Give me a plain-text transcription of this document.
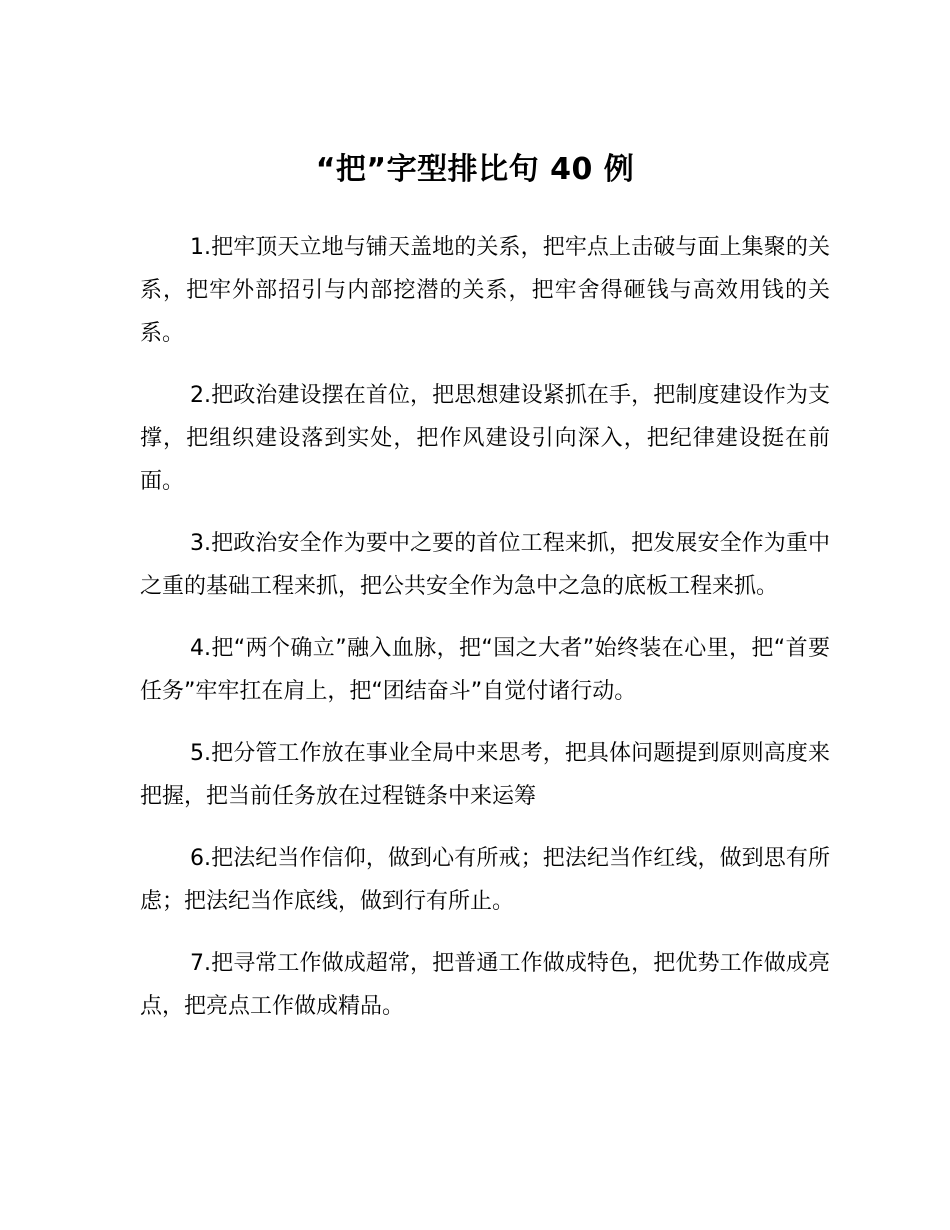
“把”字型排比句 40 例

1.把牢顶天立地与铺天盖地的关系，把牢点上击破与面上集聚的关系，把牢外部招引与内部挖潜的关系，把牢舍得砸钱与高效用钱的关系。

2.把政治建设摆在首位，把思想建设紧抓在手，把制度建设作为支撑，把组织建设落到实处，把作风建设引向深入，把纪律建设挺在前面。

3.把政治安全作为要中之要的首位工程来抓，把发展安全作为重中之重的基础工程来抓，把公共安全作为急中之急的底板工程来抓。

4.把“两个确立”融入血脉，把“国之大者”始终装在心里，把“首要任务”牢牢扛在肩上，把“团结奋斗”自觉付诸行动。

5.把分管工作放在事业全局中来思考，把具体问题提到原则高度来把握，把当前任务放在过程链条中来运筹

6.把法纪当作信仰，做到心有所戒；把法纪当作红线，做到思有所虑；把法纪当作底线，做到行有所止。

7.把寻常工作做成超常，把普通工作做成特色，把优势工作做成亮点，把亮点工作做成精品。
